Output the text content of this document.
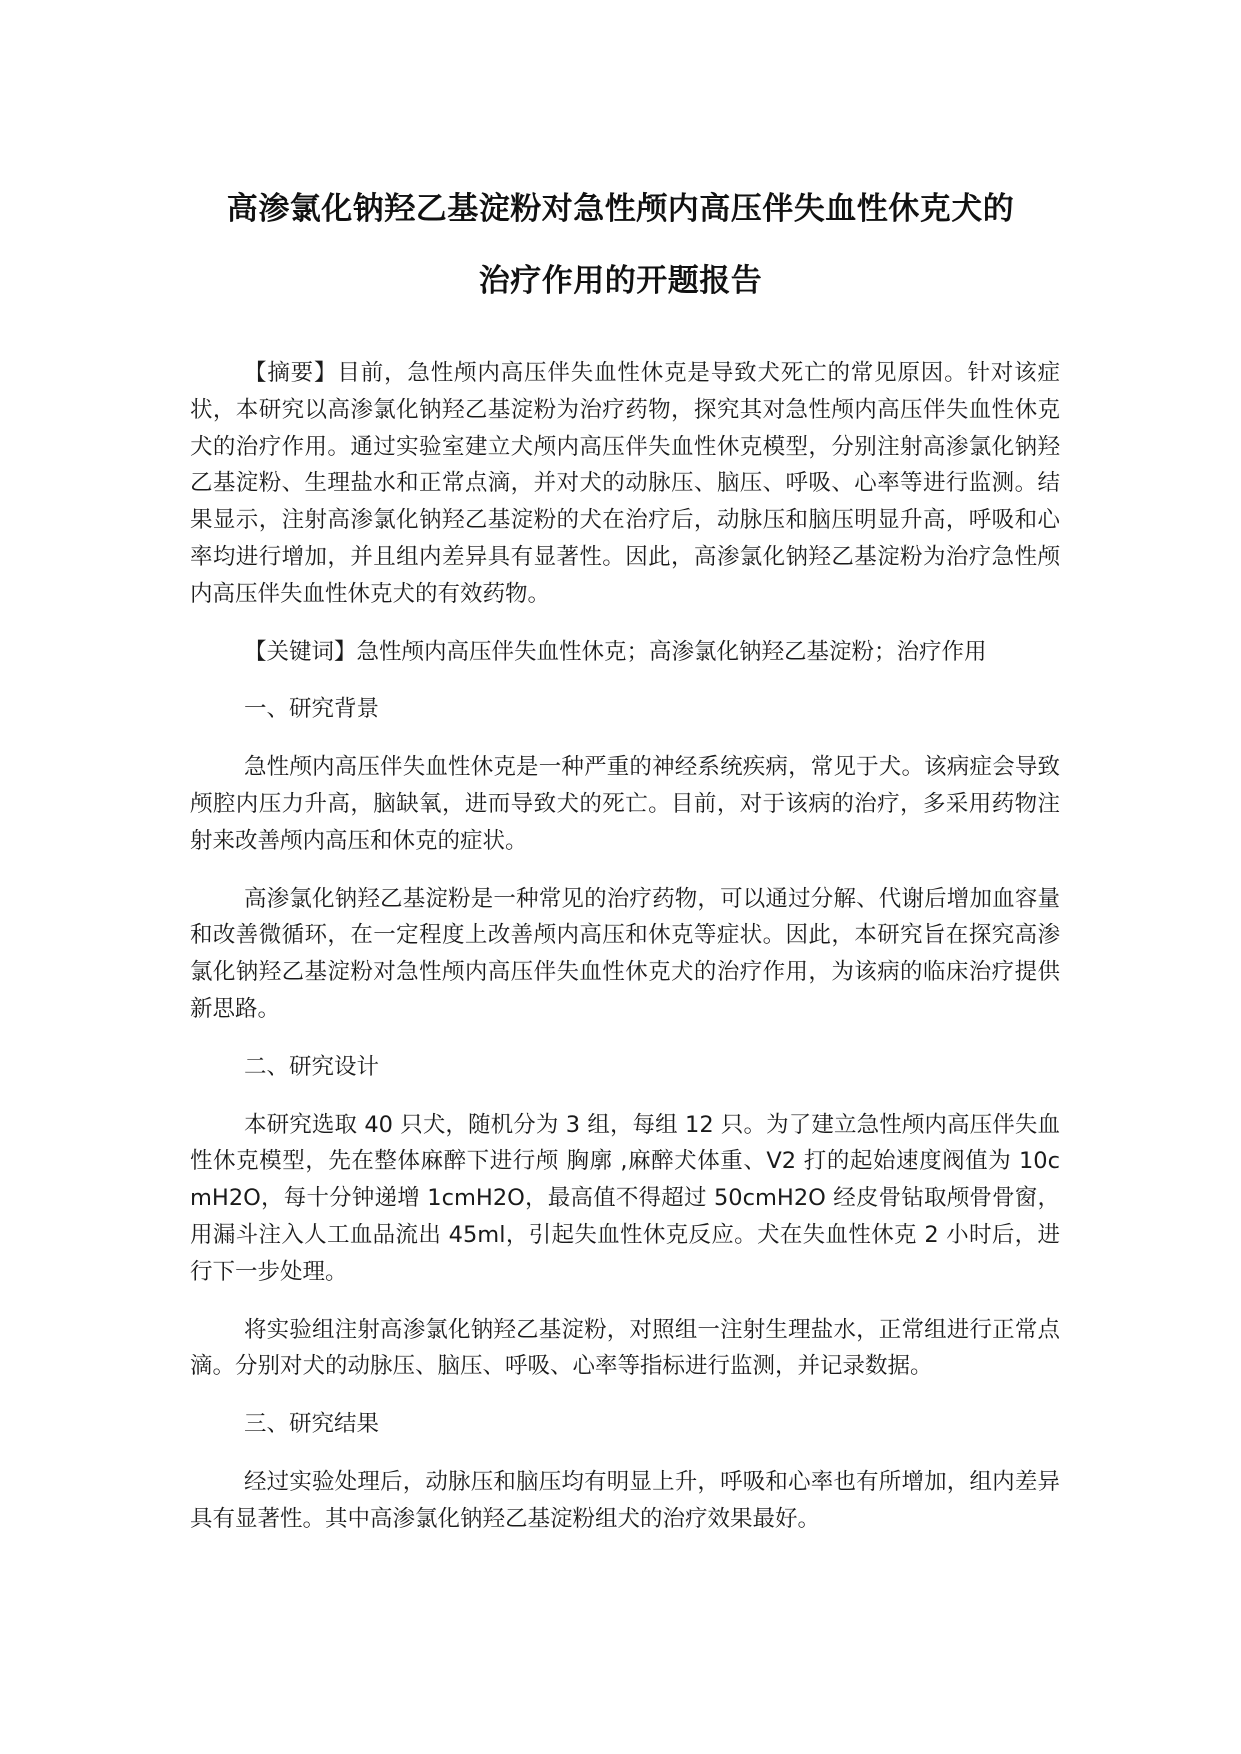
高渗氯化钠羟乙基淀粉对急性颅内高压伴失血性休克犬的
治疗作用的开题报告

【摘要】目前，急性颅内高压伴失血性休克是导致犬死亡的常见原因。针对该症状，本研究以高渗氯化钠羟乙基淀粉为治疗药物，探究其对急性颅内高压伴失血性休克犬的治疗作用。通过实验室建立犬颅内高压伴失血性休克模型，分别注射高渗氯化钠羟乙基淀粉、生理盐水和正常点滴，并对犬的动脉压、脑压、呼吸、心率等进行监测。结果显示，注射高渗氯化钠羟乙基淀粉的犬在治疗后，动脉压和脑压明显升高，呼吸和心率均进行增加，并且组内差异具有显著性。因此，高渗氯化钠羟乙基淀粉为治疗急性颅内高压伴失血性休克犬的有效药物。

【关键词】急性颅内高压伴失血性休克；高渗氯化钠羟乙基淀粉；治疗作用

一、研究背景

急性颅内高压伴失血性休克是一种严重的神经系统疾病，常见于犬。该病症会导致颅腔内压力升高，脑缺氧，进而导致犬的死亡。目前，对于该病的治疗，多采用药物注射来改善颅内高压和休克的症状。

高渗氯化钠羟乙基淀粉是一种常见的治疗药物，可以通过分解、代谢后增加血容量和改善微循环，在一定程度上改善颅内高压和休克等症状。因此，本研究旨在探究高渗氯化钠羟乙基淀粉对急性颅内高压伴失血性休克犬的治疗作用，为该病的临床治疗提供新思路。

二、研究设计

本研究选取 40 只犬，随机分为 3 组，每组 12 只。为了建立急性颅内高压伴失血性休克模型，先在整体麻醉下进行颅 胸廓 ,麻醉犬体重、V2 打的起始速度阀值为 10cmH2O，每十分钟递增 1cmH2O，最高值不得超过 50cmH2O 经皮骨钻取颅骨骨窗，用漏斗注入人工血品流出 45ml，引起失血性休克反应。犬在失血性休克 2 小时后，进行下一步处理。

将实验组注射高渗氯化钠羟乙基淀粉，对照组一注射生理盐水，正常组进行正常点滴。分别对犬的动脉压、脑压、呼吸、心率等指标进行监测，并记录数据。

三、研究结果

经过实验处理后，动脉压和脑压均有明显上升，呼吸和心率也有所增加，组内差异具有显著性。其中高渗氯化钠羟乙基淀粉组犬的治疗效果最好。
